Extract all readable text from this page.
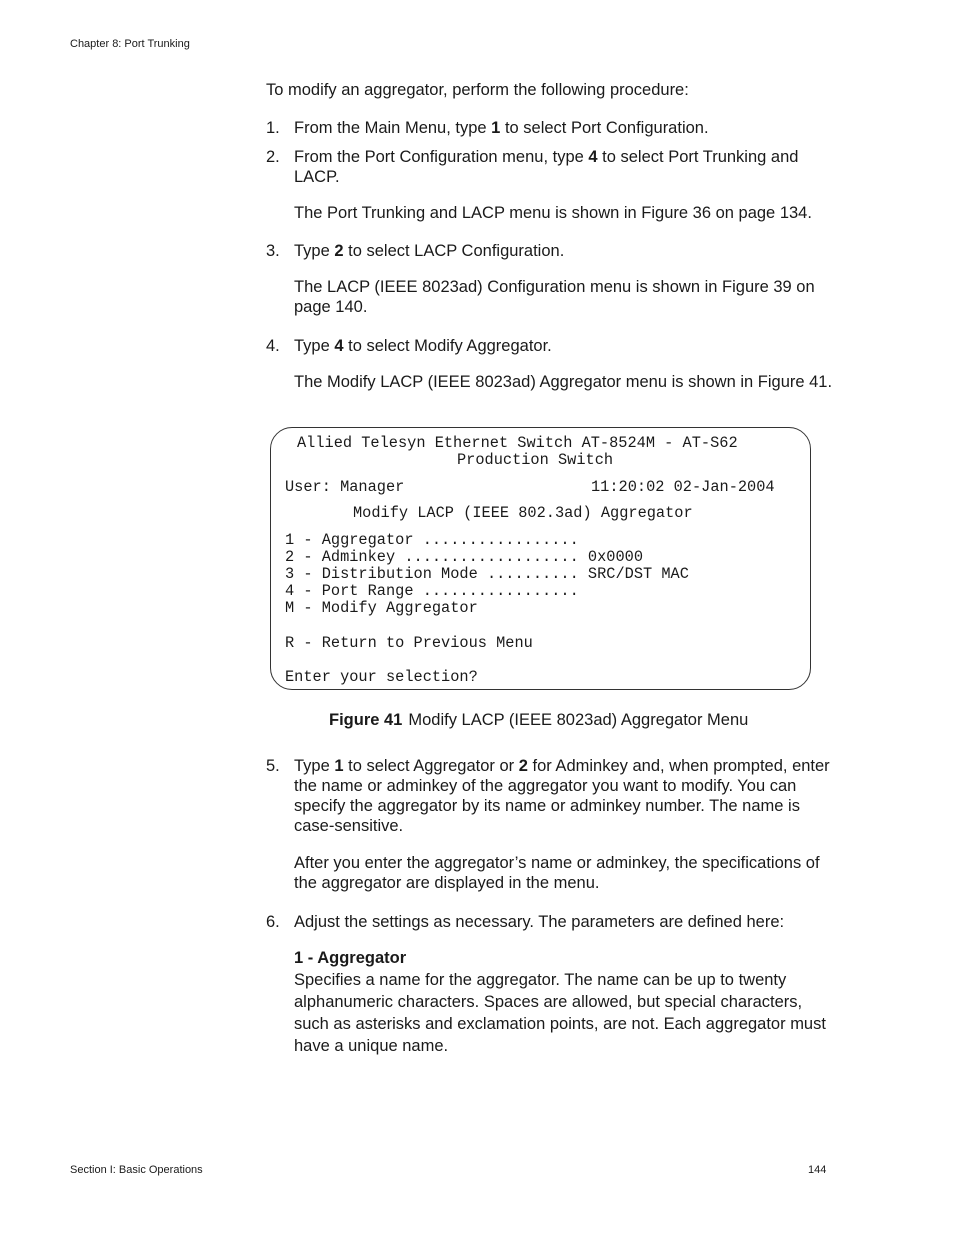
Chapter 8: Port Trunking
To modify an aggregator, perform the following procedure:
1. From the Main Menu, type 1 to select Port Configuration.
2. From the Port Configuration menu, type 4 to select Port Trunking and LACP.
The Port Trunking and LACP menu is shown in Figure 36 on page 134.
3. Type 2 to select LACP Configuration.
The LACP (IEEE 8023ad) Configuration menu is shown in Figure 39 on page 140.
4. Type 4 to select Modify Aggregator.
The Modify LACP (IEEE 8023ad) Aggregator menu is shown in Figure 41.
Allied Telesyn Ethernet Switch AT-8524M - AT-S62
Production Switch
User: Manager	11:20:02 02-Jan-2004
Modify LACP (IEEE 802.3ad) Aggregator
1 - Aggregator .................
2 - Adminkey ................... 0x0000
3 - Distribution Mode .......... SRC/DST MAC
4 - Port Range .................
M - Modify Aggregator
R - Return to Previous Menu
Enter your selection?
Figure 41 Modify LACP (IEEE 8023ad) Aggregator Menu
5. Type 1 to select Aggregator or 2 for Adminkey and, when prompted, enter the name or adminkey of the aggregator you want to modify. You can specify the aggregator by its name or adminkey number. The name is case-sensitive.
After you enter the aggregator’s name or adminkey, the specifications of the aggregator are displayed in the menu.
6. Adjust the settings as necessary. The parameters are defined here:
1 - Aggregator
Specifies a name for the aggregator. The name can be up to twenty alphanumeric characters. Spaces are allowed, but special characters, such as asterisks and exclamation points, are not. Each aggregator must have a unique name.
Section I: Basic Operations	144
